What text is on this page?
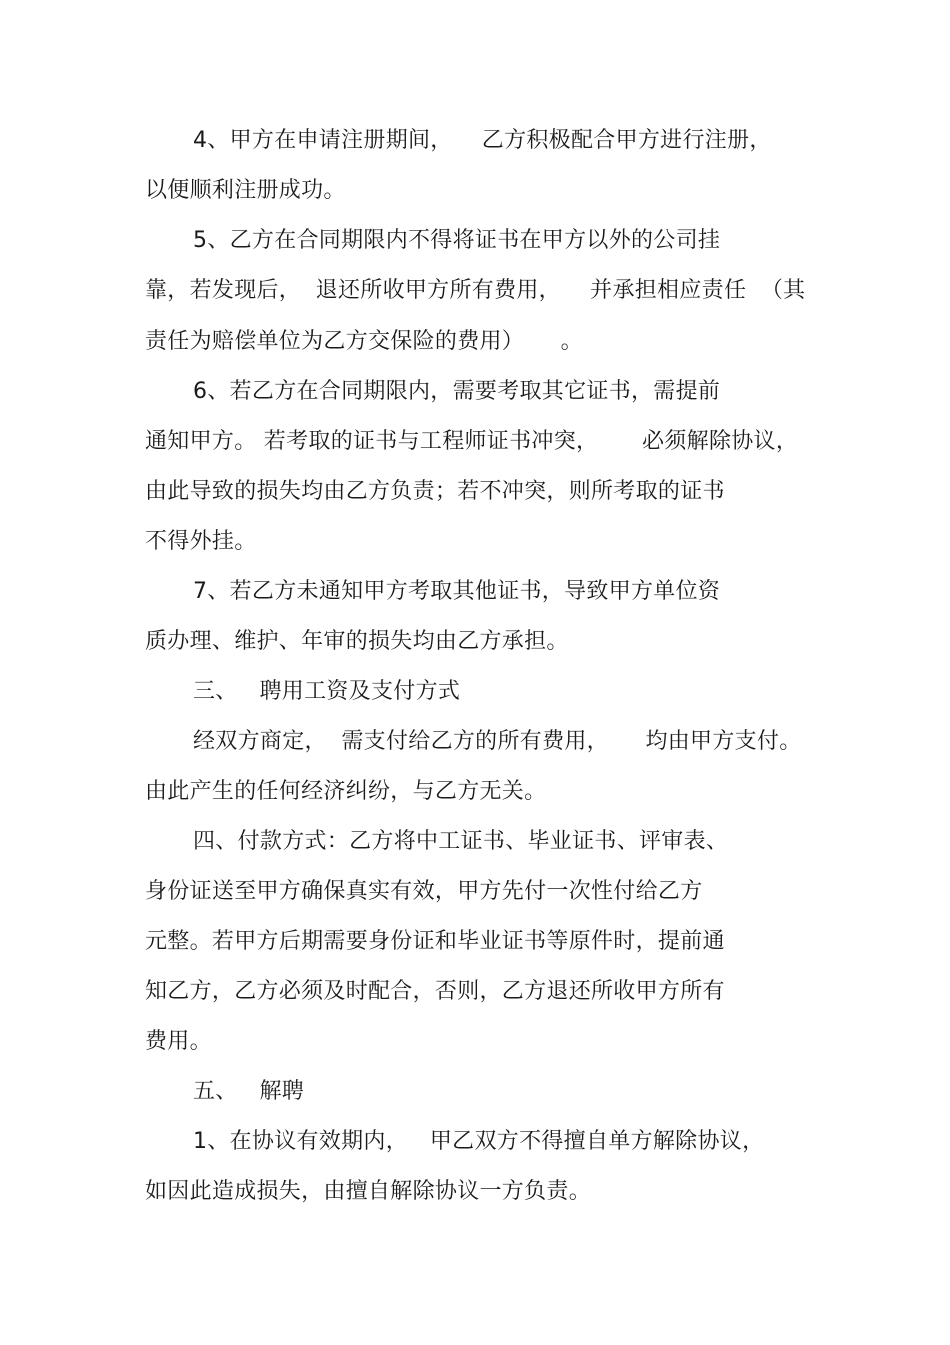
4、甲方在申请注册期间，    乙方积极配合甲方进行注册，
以便顺利注册成功。
5、乙方在合同期限内不得将证书在甲方以外的公司挂
靠，若发现后，  退还所收甲方所有费用，    并承担相应责任  （其
责任为赔偿单位为乙方交保险的费用）     。
6、若乙方在合同期限内，需要考取其它证书，需提前
通知甲方。 若考取的证书与工程师证书冲突，      必须解除协议，
由此导致的损失均由乙方负责；若不冲突，则所考取的证书
不得外挂。
7、若乙方未通知甲方考取其他证书，导致甲方单位资
质办理、维护、年审的损失均由乙方承担。
三、   聘用工资及支付方式
经双方商定，  需支付给乙方的所有费用，     均由甲方支付。
由此产生的任何经济纠纷，与乙方无关。
四、付款方式：乙方将中工证书、毕业证书、评审表、
身份证送至甲方确保真实有效，甲方先付一次性付给乙方
元整。若甲方后期需要身份证和毕业证书等原件时，提前通
知乙方，乙方必须及时配合，否则，乙方退还所收甲方所有
费用。
五、   解聘
1、在协议有效期内，   甲乙双方不得擅自单方解除协议，
如因此造成损失，由擅自解除协议一方负责。
